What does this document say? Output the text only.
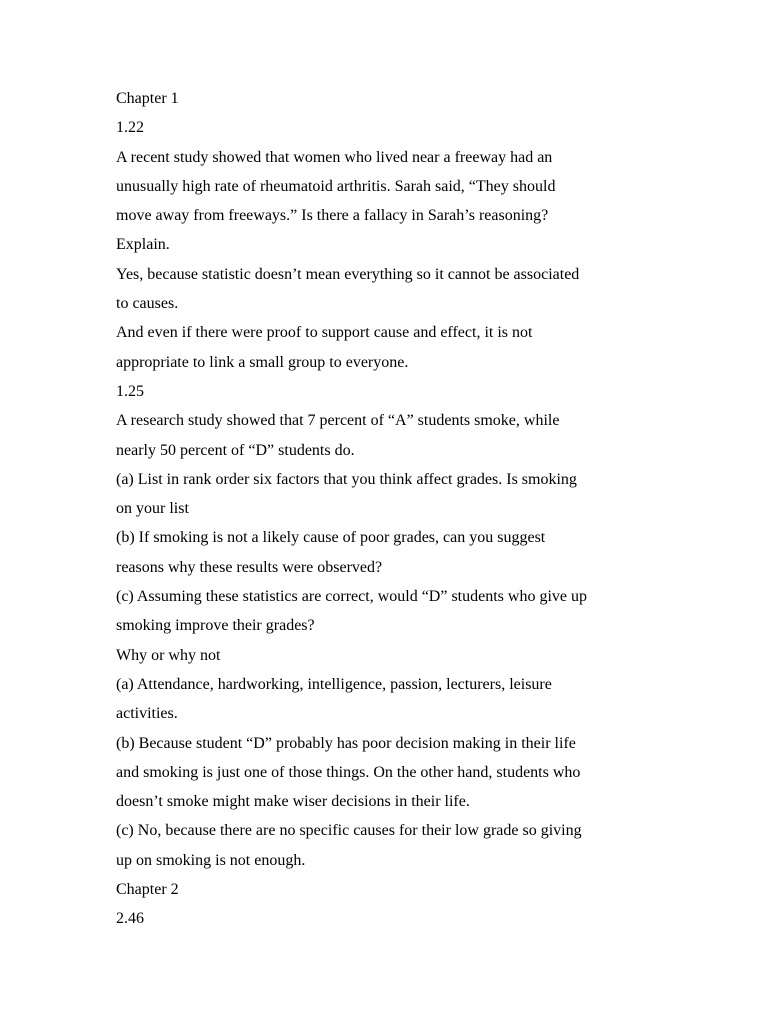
Chapter 1

1.22

A recent study showed that women who lived near a freeway had an

unusually high rate of rheumatoid arthritis. Sarah said, “They should

move away from freeways.” Is there a fallacy in Sarah’s reasoning?

Explain.

Yes, because statistic doesn’t mean everything so it cannot be associated

to causes.

And even if there were proof to support cause and effect, it is not

appropriate to link a small group to everyone.

1.25

A research study showed that 7 percent of “A” students smoke, while

nearly 50 percent of “D” students do.

(a) List in rank order six factors that you think affect grades. Is smoking

on your list

(b) If smoking is not a likely cause of poor grades, can you suggest

reasons why these results were observed?

(c) Assuming these statistics are correct, would “D” students who give up

smoking improve their grades?

Why or why not

(a) Attendance, hardworking, intelligence, passion, lecturers, leisure

activities.

(b) Because student “D” probably has poor decision making in their life

and smoking is just one of those things. On the other hand, students who

doesn’t smoke might make wiser decisions in their life.

(c) No, because there are no specific causes for their low grade so giving

up on smoking is not enough.

Chapter 2

2.46
